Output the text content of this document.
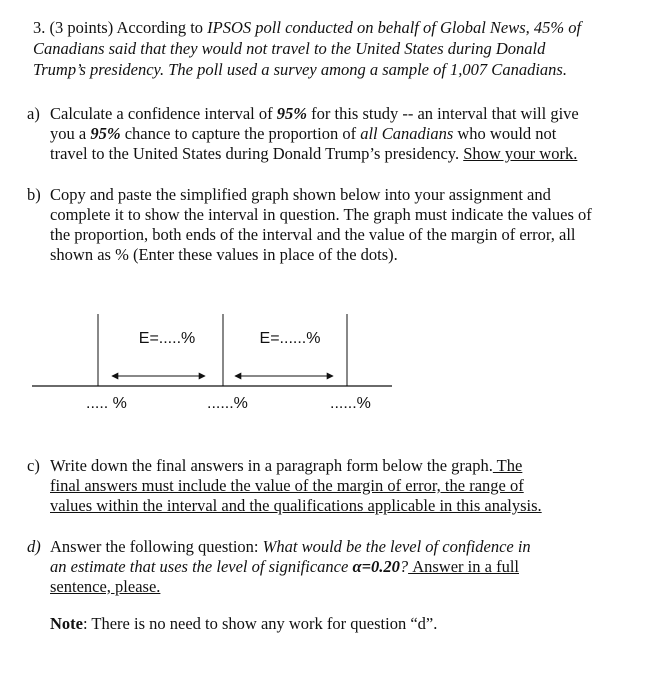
3. (3 points) According to IPSOS poll conducted on behalf of Global News, 45% of
Canadians said that they would not travel to the United States during Donald
Trump’s presidency. The poll used a survey among a sample of 1,007 Canadians.
a) Calculate a confidence interval of 95% for this study -- an interval that will give
you a 95% chance to capture the proportion of all Canadians who would not
travel to the United States during Donald Trump’s presidency. Show your work.
b) Copy and paste the simplified graph shown below into your assignment and
complete it to show the interval in question. The graph must indicate the values of
the proportion, both ends of the interval and the value of the margin of error, all
shown as % (Enter these values in place of the dots).
E=.....%	E=......%
..... %	......%	......%
c) Write down the final answers in a paragraph form below the graph. The
final answers must include the value of the margin of error, the range of
values within the interval and the qualifications applicable in this analysis.
d) Answer the following question: What would be the level of confidence in
an estimate that uses the level of significance α=0.20? Answer in a full
sentence, please.
Note: There is no need to show any work for question “d”.
